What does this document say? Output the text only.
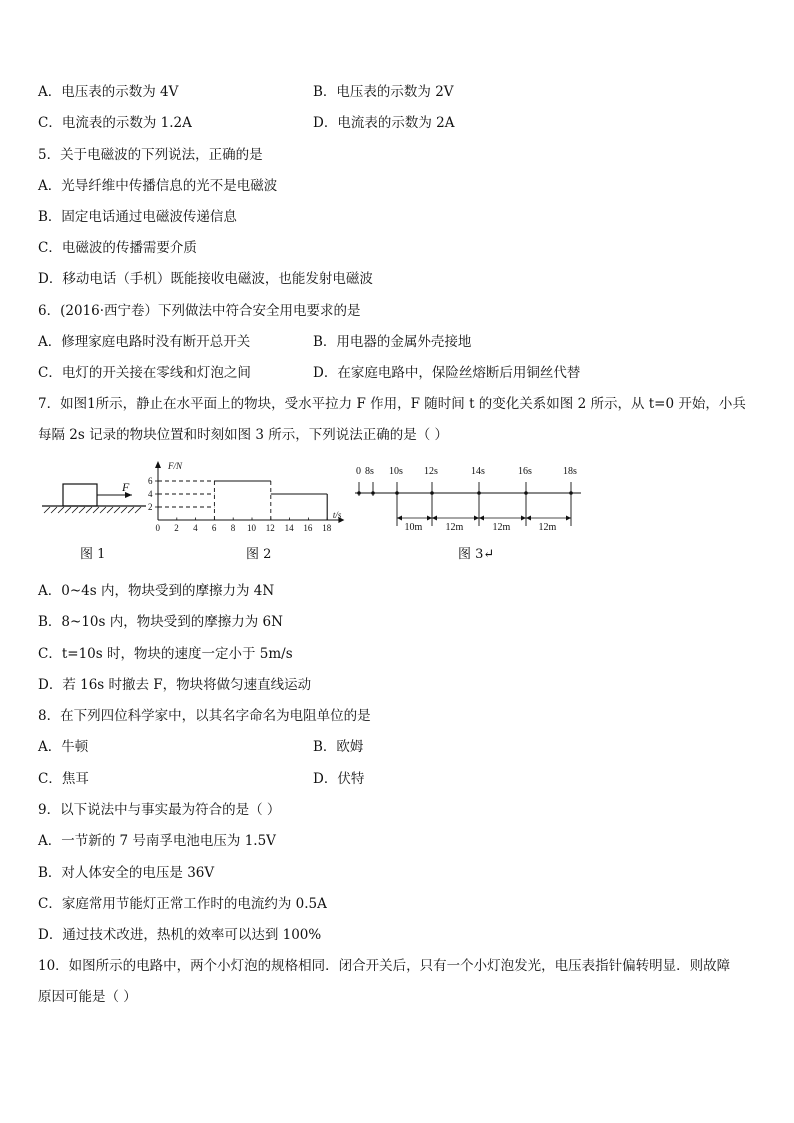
A．电压表的示数为 4V	B．电压表的示数为 2V
C．电流表的示数为 1.2A	D．电流表的示数为 2A
5．关于电磁波的下列说法，正确的是
A．光导纤维中传播信息的光不是电磁波
B．固定电话通过电磁波传递信息
C．电磁波的传播需要介质
D．移动电话（手机）既能接收电磁波，也能发射电磁波
6．(2016·西宁卷）下列做法中符合安全用电要求的是
A．修理家庭电路时没有断开总开关	B．用电器的金属外壳接地
C．电灯的开关接在零线和灯泡之间	D．在家庭电路中，保险丝熔断后用铜丝代替
7．如图1所示，静止在水平面上的物块，受水平拉力 F 作用，F 随时间 t 的变化关系如图 2 所示，从 t=0 开始，小兵
每隔 2s 记录的物块位置和时刻如图 3 所示，下列说法正确的是（ ）
F
图 1
F/N
t/s
2
4
6
0 2 4 6 8 10 12 14 16 18
图 2
0 8s 10s 12s	14s	16s	18s
10m 12m	12m	12m
图 3↵
A．0~4s 内，物块受到的摩擦力为 4N
B．8~10s 内，物块受到的摩擦力为 6N
C．t=10s 时，物块的速度一定小于 5m/s
D．若 16s 时撤去 F，物块将做匀速直线运动
8．在下列四位科学家中，以其名字命名为电阻单位的是
A．牛顿	B．欧姆
C．焦耳	D．伏特
9．以下说法中与事实最为符合的是（ ）
A．一节新的 7 号南孚电池电压为 1.5V
B．对人体安全的电压是 36V
C．家庭常用节能灯正常工作时的电流约为 0.5A
D．通过技术改进，热机的效率可以达到 100%
10．如图所示的电路中，两个小灯泡的规格相同．闭合开关后，只有一个小灯泡发光，电压表指针偏转明显．则故障
原因可能是（ ）
